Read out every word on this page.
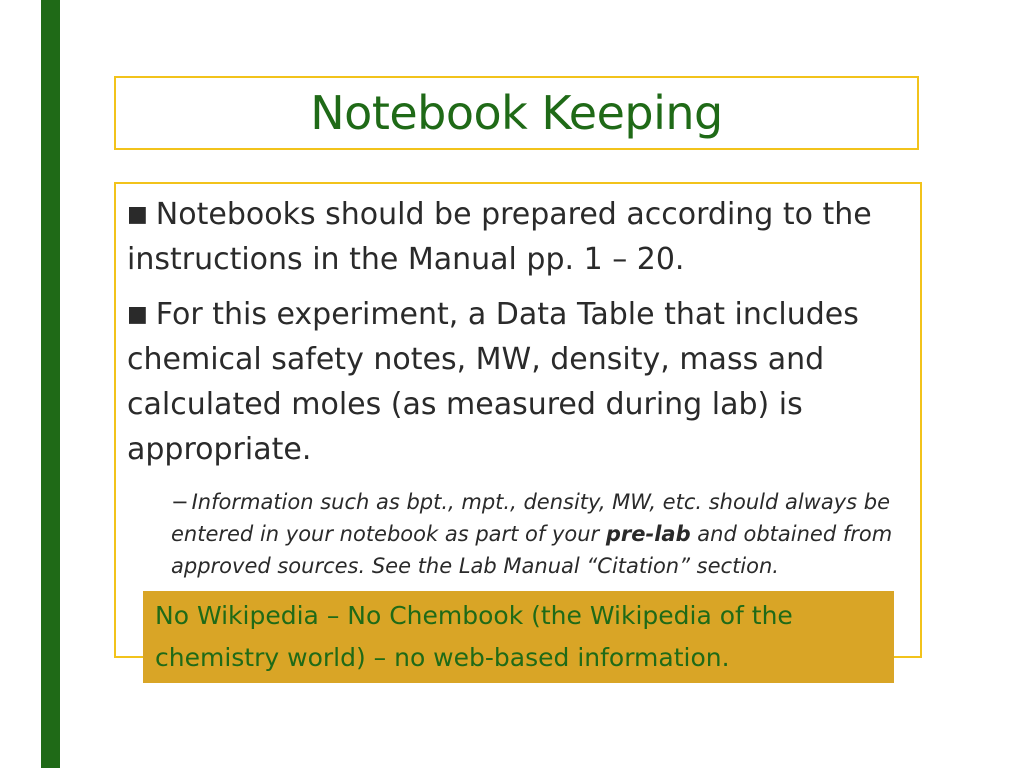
Notebook Keeping

■ Notebooks should be prepared according to the instructions in the Manual pp. 1 – 20.

■ For this experiment, a Data Table that includes chemical safety notes, MW, density, mass and calculated moles (as measured during lab) is appropriate.

− Information such as bpt., mpt., density, MW, etc. should always be entered in your notebook as part of your pre-lab and obtained from approved sources. See the Lab Manual “Citation” section.

No Wikipedia – No Chembook (the Wikipedia of the chemistry world) – no web-based information.
